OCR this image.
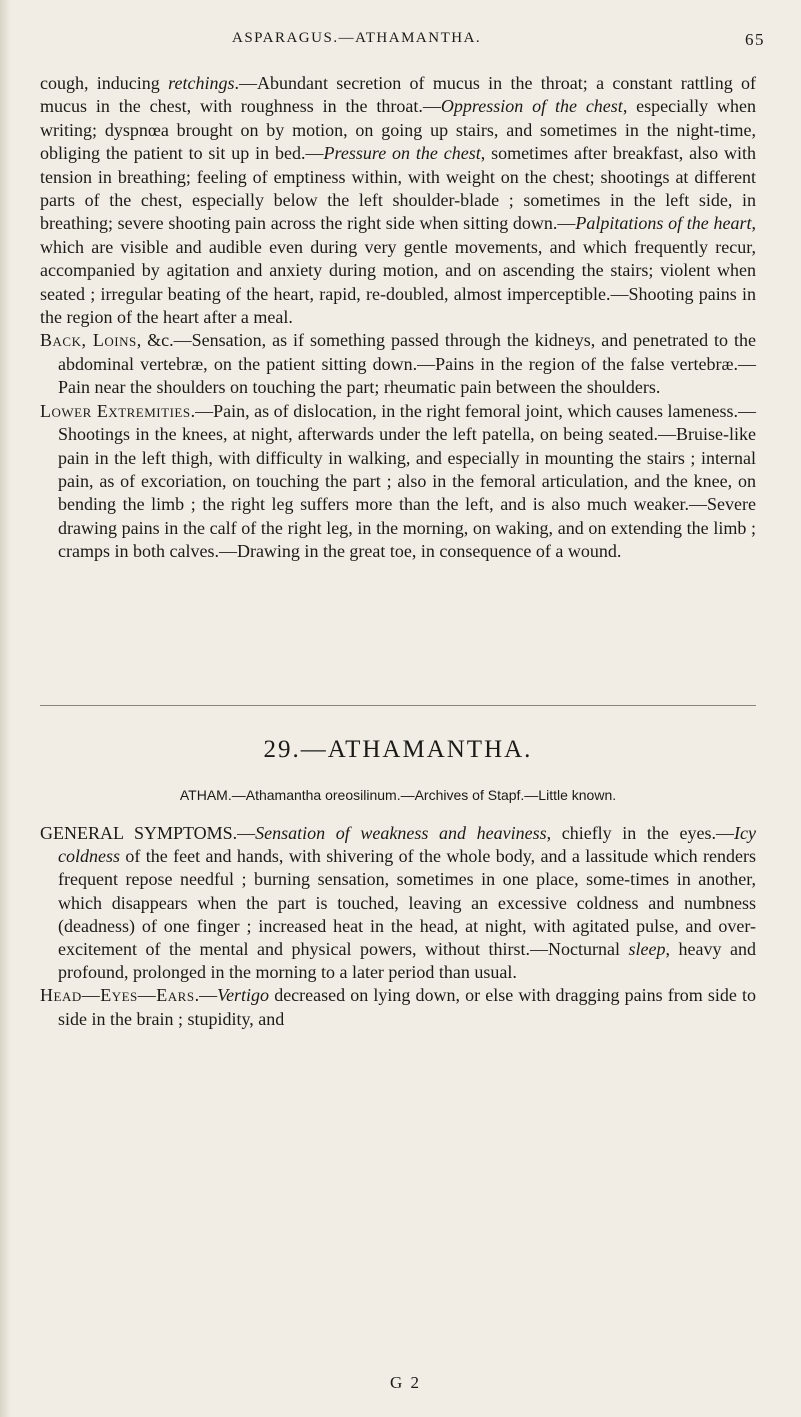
ASPARAGUS.—ATHAMANTHA.	65

cough, inducing retchings.—Abundant secretion of mucus in the throat; a constant rattling of mucus in the chest, with roughness in the throat.—Oppression of the chest, especially when writing; dyspnœa brought on by motion, on going up stairs, and sometimes in the night-time, obliging the patient to sit up in bed.—Pressure on the chest, sometimes after breakfast, also with tension in breathing; feeling of emptiness within, with weight on the chest; shootings at different parts of the chest, especially below the left shoulder-blade ; sometimes in the left side, in breathing; severe shooting pain across the right side when sitting down.—Palpitations of the heart, which are visible and audible even during very gentle movements, and which frequently recur, accompanied by agitation and anxiety during motion, and on ascending the stairs; violent when seated ; irregular beating of the heart, rapid, re-doubled, almost imperceptible.—Shooting pains in the region of the heart after a meal.

Back, Loins, &c.—Sensation, as if something passed through the kidneys, and penetrated to the abdominal vertebræ, on the patient sitting down.—Pains in the region of the false vertebræ.—Pain near the shoulders on touching the part; rheumatic pain between the shoulders.

Lower Extremities.—Pain, as of dislocation, in the right femoral joint, which causes lameness.—Shootings in the knees, at night, afterwards under the left patella, on being seated.—Bruise-like pain in the left thigh, with difficulty in walking, and especially in mounting the stairs ; internal pain, as of excoriation, on touching the part ; also in the femoral articulation, and the knee, on bending the limb ; the right leg suffers more than the left, and is also much weaker.—Severe drawing pains in the calf of the right leg, in the morning, on waking, and on extending the limb ; cramps in both calves.—Drawing in the great toe, in consequence of a wound.

29.—ATHAMANTHA.
ATHAM.—Athamantha oreosilinum.—Archives of Stapf.—Little known.

GENERAL SYMPTOMS.—Sensation of weakness and heaviness, chiefly in the eyes.—Icy coldness of the feet and hands, with shivering of the whole body, and a lassitude which renders frequent repose needful ; burning sensation, sometimes in one place, some-times in another, which disappears when the part is touched, leaving an excessive coldness and numbness (deadness) of one finger ; increased heat in the head, at night, with agitated pulse, and over-excitement of the mental and physical powers, without thirst.—Nocturnal sleep, heavy and profound, prolonged in the morning to a later period than usual.

Head—Eyes—Ears.—Vertigo decreased on lying down, or else with dragging pains from side to side in the brain ; stupidity, and

G 2
